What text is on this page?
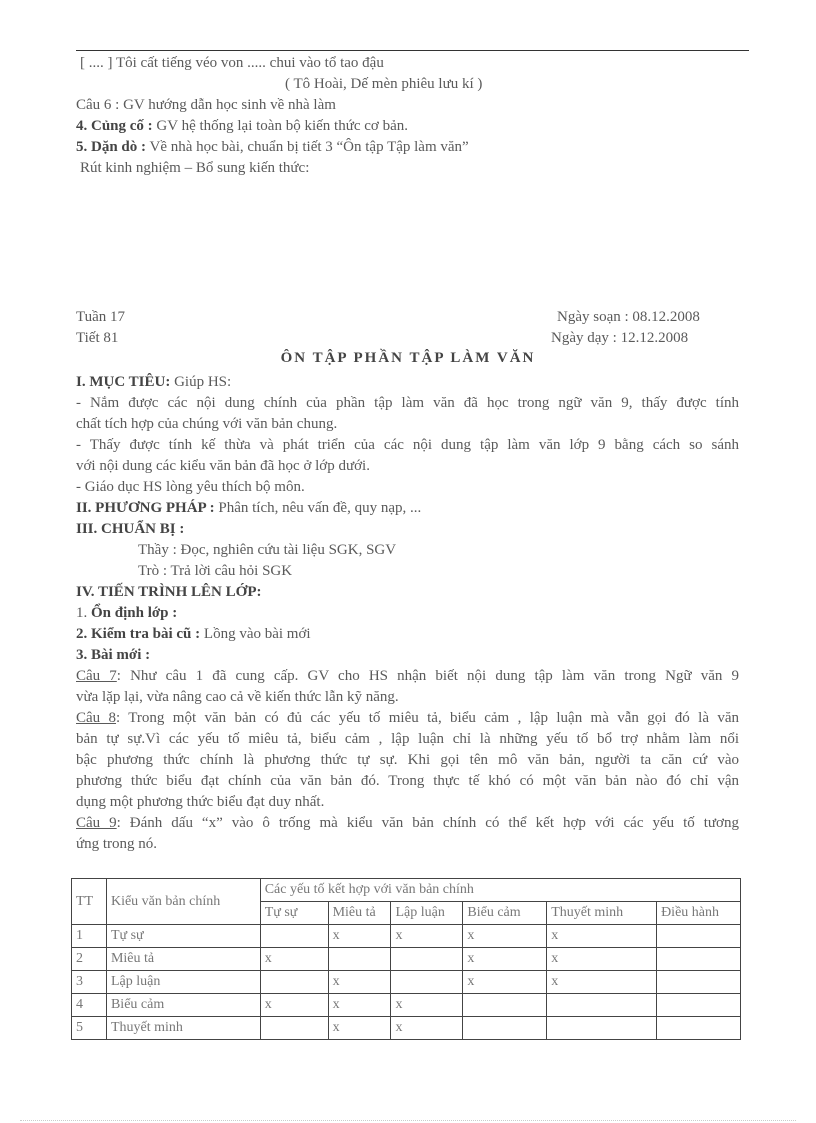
[ .... ] Tôi cất tiếng véo von ..... chui vào tổ tao đậu
( Tô Hoài, Dế mèn phiêu lưu kí )
Câu 6 : GV hướng dẫn học sinh về nhà làm
4. Củng cố : GV hệ thống lại toàn bộ kiến thức cơ bản.
5. Dặn dò : Về nhà học bài, chuẩn bị tiết 3 “Ôn tập Tập làm văn”
Rút kinh nghiệm – Bổ sung kiến thức:
Tuần 17	Ngày soạn : 08.12.2008
Tiết 81	Ngày dạy : 12.12.2008
ÔN TẬP PHẦN TẬP LÀM VĂN
I. MỤC TIÊU: Giúp HS:
- Nắm được các nội dung chính của phần tập làm văn đã học trong ngữ văn 9, thấy được tính
chất tích hợp của chúng với văn bản chung.
- Thấy được tính kế thừa và phát triển của các nội dung tập làm văn lớp 9 bằng cách so sánh
với nội dung các kiểu văn bản đã học ở lớp dưới.
- Giáo dục HS lòng yêu thích bộ môn.
II. PHƯƠNG PHÁP : Phân tích, nêu vấn đề, quy nạp, ...
III. CHUẨN BỊ :
Thầy : Đọc, nghiên cứu tài liệu SGK, SGV
Trò : Trả lời câu hỏi SGK
IV. TIẾN TRÌNH LÊN LỚP:
1. Ổn định lớp :
2. Kiểm tra bài cũ : Lồng vào bài mới
3. Bài mới :
Câu 7: Như câu 1 đã cung cấp. GV cho HS nhận biết nội dung tập làm văn trong Ngữ văn 9
vừa lặp lại, vừa nâng cao cả về kiến thức lẫn kỹ năng.
Câu 8: Trong một văn bản có đủ các yếu tố miêu tả, biểu cảm , lập luận mà vẫn gọi đó là văn
bản tự sự.Vì các yếu tố miêu tả, biểu cảm , lập luận chỉ là những yếu tố bổ trợ nhằm làm nổi
bậc phương thức chính là phương thức tự sự. Khi gọi tên mô văn bản, người ta căn cứ vào
phương thức biểu đạt chính của văn bản đó. Trong thực tế khó có một văn bản nào đó chỉ vận
dụng một phương thức biểu đạt duy nhất.
Câu 9: Đánh dấu “x” vào ô trống mà kiểu văn bản chính có thể kết hợp với các yếu tố tương
ứng trong nó.
TT	Kiểu văn bản chính	Các yếu tố kết hợp với văn bản chính					
		Tự sự	Miêu tả	Lập luận	Biểu cảm	Thuyết minh	Điều hành
1	Tự sự		x	x	x	x	
2	Miêu tả	x			x	x	
3	Lập luận		x		x	x	
4	Biểu cảm	x	x	x			
5	Thuyết minh		x	x			
